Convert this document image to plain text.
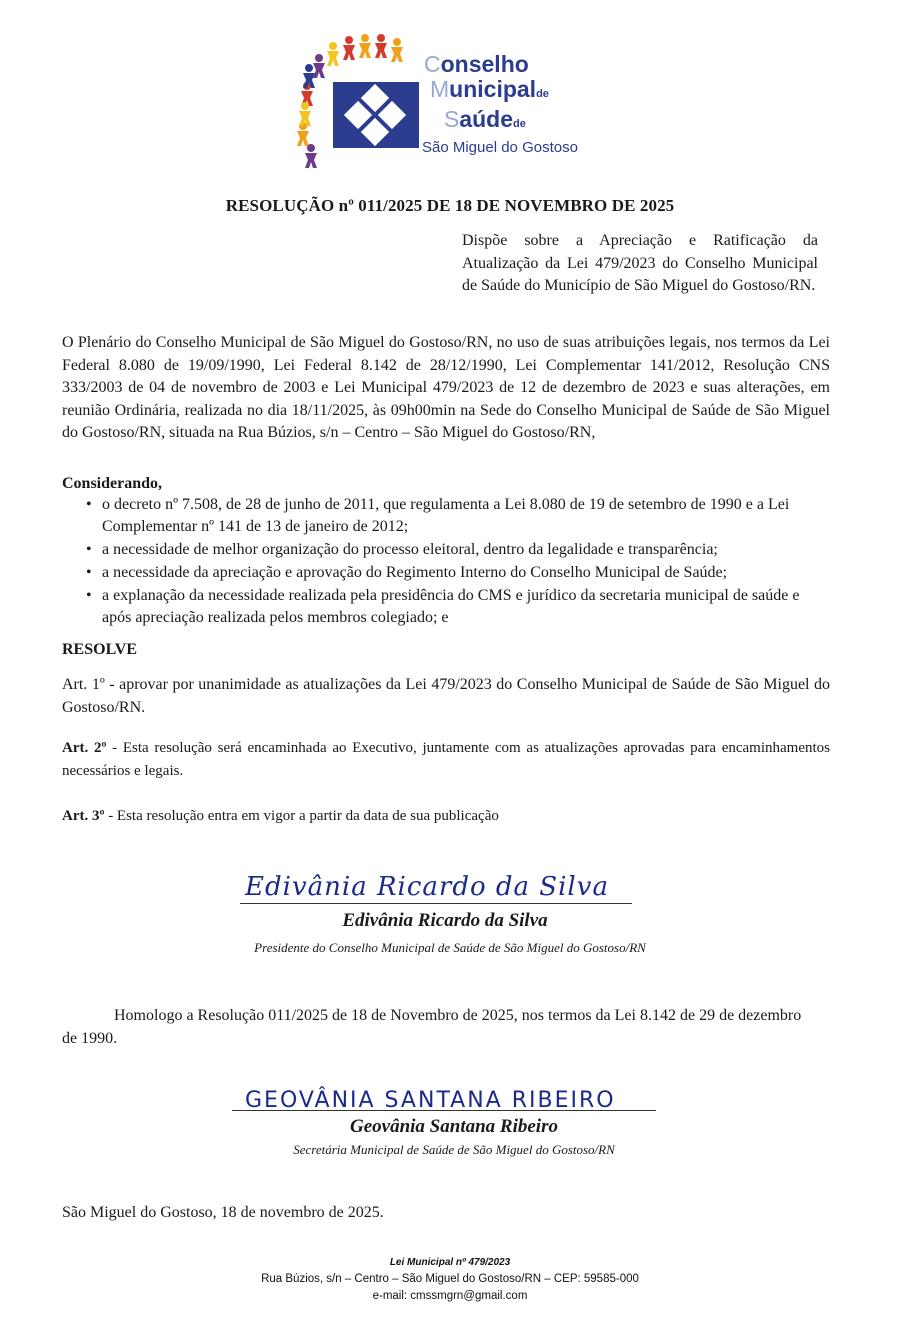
Conselho
Municipalde
Saúdede
São Miguel do Gostoso
RESOLUÇÃO nº 011/2025 DE 18 DE NOVEMBRO DE 2025
Dispõe sobre a Apreciação e Ratificação da Atualização da Lei 479/2023 do Conselho Municipal de Saúde do Município de São Miguel do Gostoso/RN.
O Plenário do Conselho Municipal de São Miguel do Gostoso/RN, no uso de suas atribuições legais, nos termos da Lei Federal 8.080 de 19/09/1990, Lei Federal 8.142 de 28/12/1990, Lei Complementar 141/2012, Resolução CNS 333/2003 de 04 de novembro de 2003 e Lei Municipal 479/2023 de 12 de dezembro de 2023 e suas alterações, em reunião Ordinária, realizada no dia 18/11/2025, às 09h00min na Sede do Conselho Municipal de Saúde de São Miguel do Gostoso/RN, situada na Rua Búzios, s/n – Centro – São Miguel do Gostoso/RN,
Considerando,
• o decreto nº 7.508, de 28 de junho de 2011, que regulamenta a Lei 8.080 de 19 de setembro de 1990 e a Lei Complementar nº 141 de 13 de janeiro de 2012;
• a necessidade de melhor organização do processo eleitoral, dentro da legalidade e transparência;
• a necessidade da apreciação e aprovação do Regimento Interno do Conselho Municipal de Saúde;
• a explanação da necessidade realizada pela presidência do CMS e jurídico da secretaria municipal de saúde e após apreciação realizada pelos membros colegiado; e
RESOLVE
Art. 1º - aprovar por unanimidade as atualizações da Lei 479/2023 do Conselho Municipal de Saúde de São Miguel do Gostoso/RN.
Art. 2º - Esta resolução será encaminhada ao Executivo, juntamente com as atualizações aprovadas para encaminhamentos necessários e legais.
Art. 3º - Esta resolução entra em vigor a partir da data de sua publicação
Edivânia Ricardo da Silva
Edivânia Ricardo da Silva
Presidente do Conselho Municipal de Saúde de São Miguel do Gostoso/RN
Homologo a Resolução 011/2025 de 18 de Novembro de 2025, nos termos da Lei 8.142 de 29 de dezembro de 1990.
GEOVÂNIA SANTANA RIBEIRO
Geovânia Santana Ribeiro
Secretária Municipal de Saúde de São Miguel do Gostoso/RN
São Miguel do Gostoso, 18 de novembro de 2025.
Lei Municipal nº 479/2023
Rua Búzios, s/n – Centro – São Miguel do Gostoso/RN – CEP: 59585-000
e-mail: cmssmgrn@gmail.com
